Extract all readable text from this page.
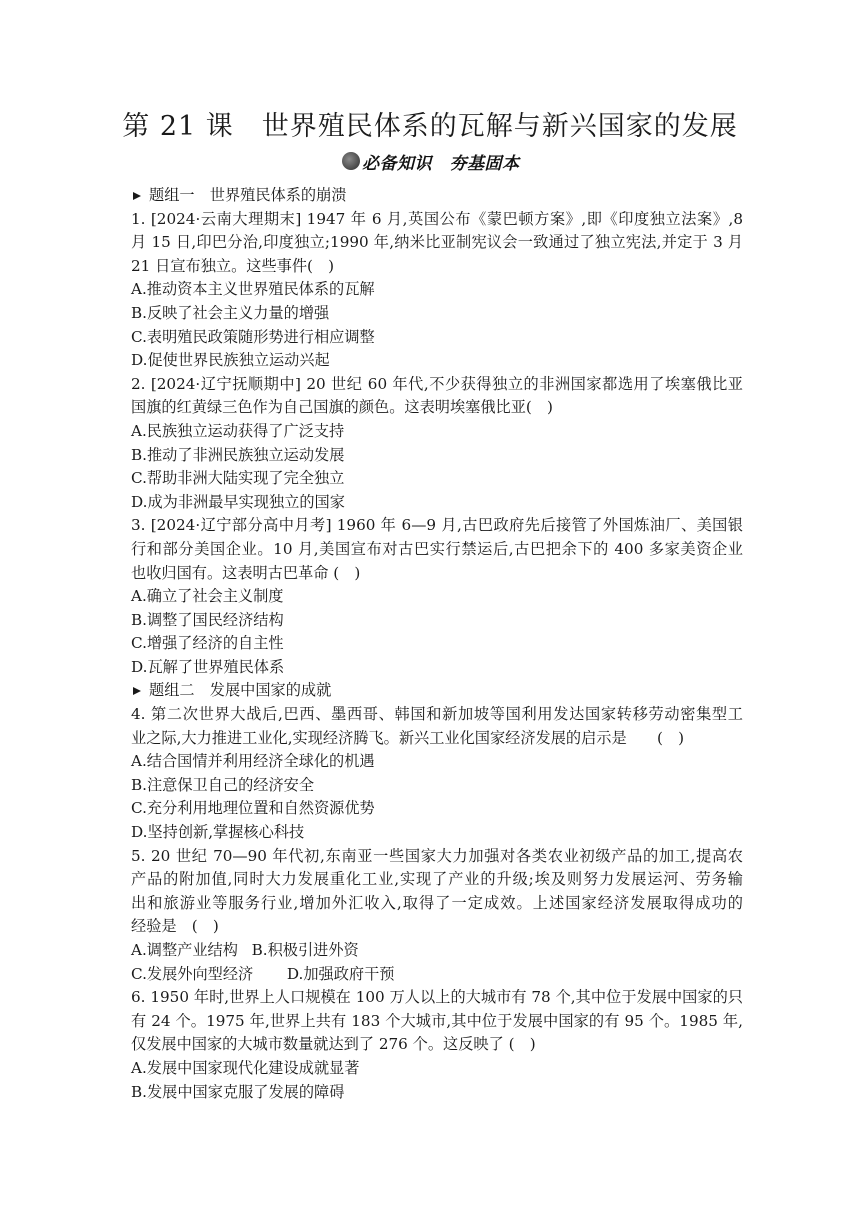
第 21 课　世界殖民体系的瓦解与新兴国家的发展
必备知识　夯基固本
题组一　世界殖民体系的崩溃
1. [2024·云南大理期末] 1947 年 6 月,英国公布《蒙巴顿方案》,即《印度独立法案》,8
月 15 日,印巴分治,印度独立;1990 年,纳米比亚制宪议会一致通过了独立宪法,并定于 3 月
21 日宣布独立。这些事件(　)
A.推动资本主义世界殖民体系的瓦解
B.反映了社会主义力量的增强
C.表明殖民政策随形势进行相应调整
D.促使世界民族独立运动兴起
2. [2024·辽宁抚顺期中] 20 世纪 60 年代,不少获得独立的非洲国家都选用了埃塞俄比亚
国旗的红黄绿三色作为自己国旗的颜色。这表明埃塞俄比亚(　)
A.民族独立运动获得了广泛支持
B.推动了非洲民族独立运动发展
C.帮助非洲大陆实现了完全独立
D.成为非洲最早实现独立的国家
3. [2024·辽宁部分高中月考] 1960 年 6—9 月,古巴政府先后接管了外国炼油厂、美国银
行和部分美国企业。10 月,美国宣布对古巴实行禁运后,古巴把余下的 400 多家美资企业
也收归国有。这表明古巴革命 (　)
A.确立了社会主义制度
B.调整了国民经济结构
C.增强了经济的自主性
D.瓦解了世界殖民体系
题组二　发展中国家的成就
4. 第二次世界大战后,巴西、墨西哥、韩国和新加坡等国利用发达国家转移劳动密集型工
业之际,大力推进工业化,实现经济腾飞。新兴工业化国家经济发展的启示是　　(　)
A.结合国情并利用经济全球化的机遇
B.注意保卫自己的经济安全
C.充分利用地理位置和自然资源优势
D.坚持创新,掌握核心科技
5. 20 世纪 70—90 年代初,东南亚一些国家大力加强对各类农业初级产品的加工,提高农
产品的附加值,同时大力发展重化工业,实现了产业的升级;埃及则努力发展运河、劳务输
出和旅游业等服务行业,增加外汇收入,取得了一定成效。上述国家经济发展取得成功的
经验是　(　)
A.调整产业结构 B.积极引进外资
C.发展外向型经济 D.加强政府干预
6. 1950 年时,世界上人口规模在 100 万人以上的大城市有 78 个,其中位于发展中国家的只
有 24 个。1975 年,世界上共有 183 个大城市,其中位于发展中国家的有 95 个。1985 年,
仅发展中国家的大城市数量就达到了 276 个。这反映了 (　)
A.发展中国家现代化建设成就显著
B.发展中国家克服了发展的障碍
